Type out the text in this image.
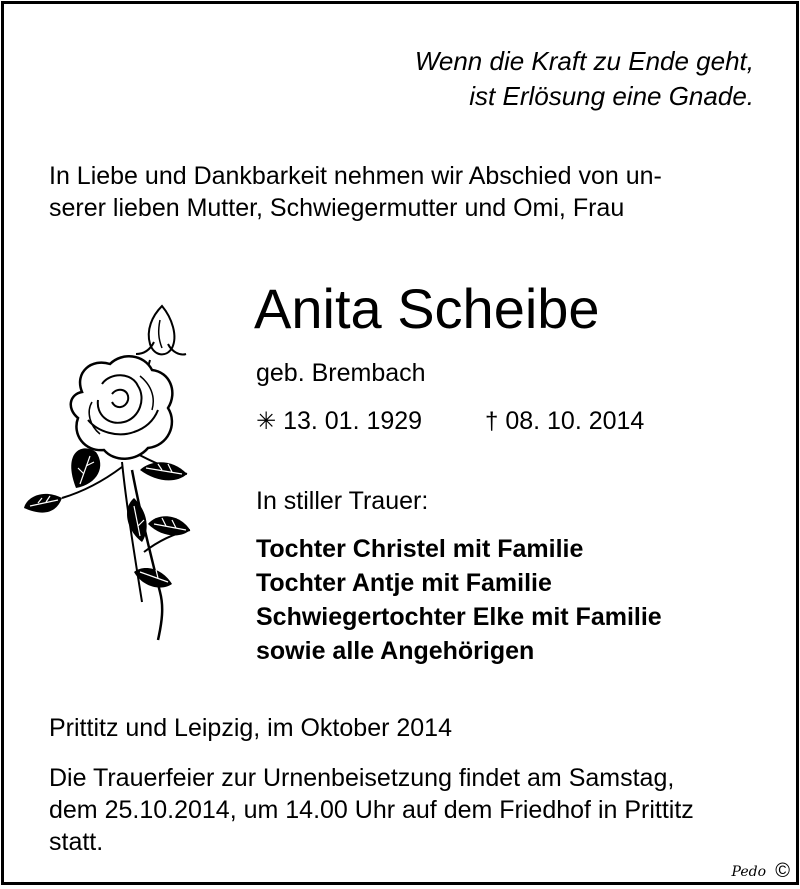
Wenn die Kraft zu Ende geht,
ist Erlösung eine Gnade.
In Liebe und Dankbarkeit nehmen wir Abschied von un-
serer lieben Mutter, Schwiegermutter und Omi, Frau
Anita Scheibe
geb. Brembach
✳ 13. 01. 1929	† 08. 10. 2014
In stiller Trauer:
Tochter Christel mit Familie
Tochter Antje mit Familie
Schwiegertochter Elke mit Familie
sowie alle Angehörigen
Prittitz und Leipzig, im Oktober 2014
Die Trauerfeier zur Urnenbeisetzung findet am Samstag,
dem 25.10.2014, um 14.00 Uhr auf dem Friedhof in Prittitz
statt.
Pedo ©
